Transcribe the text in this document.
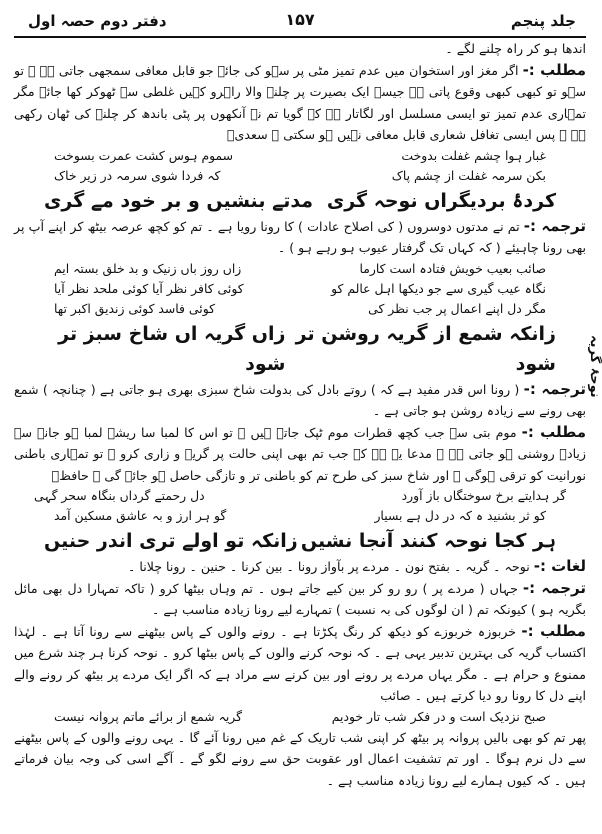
دفتر دوم حصہ اول	۱۵۷	جلد پنجم

اندھا ہو کر راہ چلنے لگے ۔

مطلب :- اگر مغز اور استخوان میں عدم تمیز مٹی پر سہو کی جائے جو قابل معافی سمجھی جاتی ہے ۔ تو سہو تو کبھی کبھی وقوع پاتی ہے جیسے ایک بصیرت پر چلنے والا راہرو کہیں غلطی سے ٹھوکر کھا جائے مگر تمہاری عدم تمیز تو ایسی مسلسل اور لگاتار ہے کہ گویا تم نے آنکھوں پر پٹی باندھ کر چلنے کی ٹھان رکھی ہے ۔ پس ایسی تغافل شعاری قابل معافی نہیں ہو سکتی ۔ سعدیؒ

غبار ہوا چشم غفلت بدوخت
سموم ہوس کشت عمرت بسوخت
بکن سرمہ غفلت از چشم پاک
کہ فردا شوی سرمہ در زیر خاک
کردۂ بردیگراں نوحہ گری
مدتے بنشیں و بر خود مے گری

ترجمہ :- تم نے مدتوں دوسروں ( کی اصلاح عادات ) کا رونا رویا ہے ۔ تم کو کچھ عرصہ بیٹھ کر اپنے آپ پر بھی رونا چاہیئے ( کہ کہاں تک گرفتار عیوب ہو رہے ہو ) ۔

صائب بعیب خویش فتادہ است کارما
زاں روز باں زنیک و بد خلق بستہ ایم
نگاہ عیب گیری سے جو دیکھا اہل عالم کو
کوئی کافر نظر آیا کوئی ملحد نظر آیا
مگر دل اپنے اعمال پر جب نظر کی
کوئی فاسد کوئی زندیق اکبر تھا
زانکہ شمع از گریہ روشن تر شود
زاں گریہ اں شاخ سبز تر شود

ترجمہ :- ( رونا اس قدر مفید ہے کہ ) روتے بادل کی بدولت شاخ سبزی بھری ہو جاتی ہے ( چنانچہ ) شمع بھی رونے سے زیادہ روشن ہو جاتی ہے ۔

مطلب :- موم بتی سے جب کچھ قطرات موم ٹپک جاتے ہیں ۔ تو اس کا لمبا سا ریشہ لمبا ہو جانے سے زیادہ روشنی ہو جاتی ہے ۔ مدعا یہ ہے کہ جب تم بھی اپنی حالت پر گریہ و زاری کرو ۔ تو تمہاری باطنی نورانیت کو ترقی ہوگی ۔ اور شاخ سبز کی طرح تم کو باطنی تر و تازگی حاصل ہو جائے گی ۔ حافظؒ

گر ہدایتے برخ سوختگاں باز آورد
دل رحمتے گرداں بنگاہ سحر گہی
کو ثر بشنید ہ کہ در دل ہے بسیار
گو ہر ارز و بہ عاشق مسکین آمد
ہر کجا نوحہ کنند آنجا نشیں
زانکہ تو اولے تری اندر حنیں

لغات :- نوحہ ۔ گریہ ۔ بفتح نون ۔ مردے پر بآواز رونا ۔ بین کرنا ۔ حنین ۔ رونا چلانا ۔

ترجمہ :- جہاں ( مردے پر ) رو رو کر بین کیے جاتے ہوں ۔ تم وہاں بیٹھا کرو ( تاکہ تمہارا دل بھی مائل بگریہ ہو ) کیونکہ تم ( ان لوگوں کی بہ نسبت ) تمہارے لیے رونا زیادہ مناسب ہے ۔

مطلب :- خربوزہ خربوزے کو دیکھ کر رنگ پکڑتا ہے ۔ رونے والوں کے پاس بیٹھنے سے رونا آتا ہے ۔ لہٰذا اکتساب گریہ کی بہترین تدبیر یہی ہے ۔ کہ نوحہ کرنے والوں کے پاس بیٹھا کرو ۔ نوحہ کرنا ہر چند شرع میں ممنوع و حرام ہے ۔ مگر یہاں مردے پر رونے اور بین کرنے سے مراد ہے کہ اگر ایک مردے پر بیٹھ کر رونے والے اپنے دل کا رونا رو دیا کرتے ہیں ۔ صائب

صبح نزدیک است و در فکر شب تار خودیم
گریہ شمع از برائے ماتم پروانہ نیست

پھر تم کو بھی بالیں پروانہ پر بیٹھ کر اپنی شب تاریک کے غم میں رونا آئے گا ۔ یہی رونے والوں کے پاس بیٹھنے سے دل نرم ہوگا ۔ اور تم تشفیت اعمال اور عقوبت حق سے رونے لگو گے ۔ آگے اسی کی وجہ بیان فرماتے ہیں ۔ کہ کیوں ہمارے لیے رونا زیادہ مناسب ہے ۔

نوحۂ گریہ
